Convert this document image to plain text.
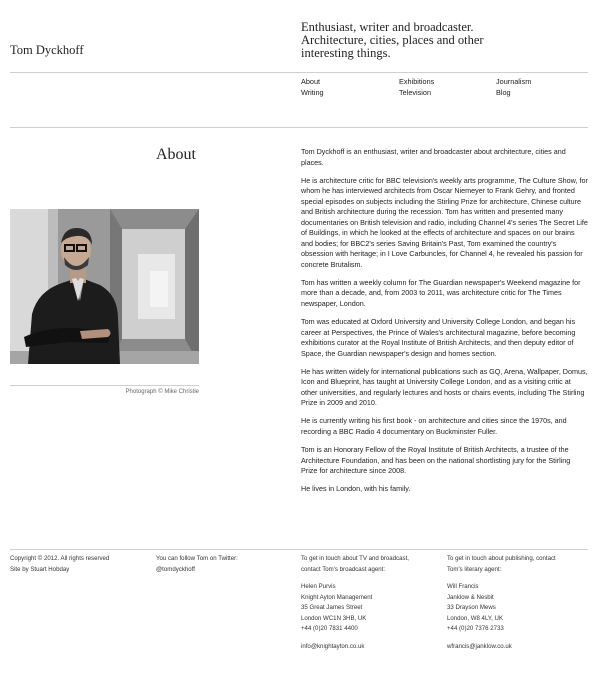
Tom Dyckhoff
Enthusiast, writer and broadcaster. Architecture, cities, places and other interesting things.
About	Exhibitions	Journalism
Writing	Television	Blog
About
Photograph © Mike Christie

Tom Dyckhoff is an enthusiast, writer and broadcaster about architecture, cities and places.

He is architecture critic for BBC television's weekly arts programme, The Culture Show, for whom he has interviewed architects from Oscar Niemeyer to Frank Gehry, and fronted special episodes on subjects including the Stirling Prize for architecture, Chinese culture and British architecture during the recession. Tom has written and presented many documentaries on British television and radio, including Channel 4's series The Secret Life of Buildings, in which he looked at the effects of architecture and spaces on our brains and bodies; for BBC2's series Saving Britain's Past, Tom examined the country's obsession with heritage; in I Love Carbuncles, for Channel 4, he revealed his passion for concrete Brutalism.

Tom has written a weekly column for The Guardian newspaper's Weekend magazine for more than a decade, and, from 2003 to 2011, was architecture critic for The Times newspaper, London.

Tom was educated at Oxford University and University College London, and began his career at Perspectives, the Prince of Wales's architectural magazine, before becoming exhibitions curator at the Royal Institute of British Architects, and then deputy editor of Space, the Guardian newspaper's design and homes section.

He has written widely for international publications such as GQ, Arena, Wallpaper, Domus, Icon and Blueprint, has taught at University College London, and as a visiting critic at other universities, and regularly lectures and hosts or chairs events, including The Stirling Prize in 2009 and 2010.

He is currently writing his first book - on architecture and cities since the 1970s, and recording a BBC Radio 4 documentary on Buckminster Fuller.

Tom is an Honorary Fellow of the Royal Institute of British Architects, a trustee of the Architecture Foundation, and has been on the national shortlisting jury for the Stirling Prize for architecture since 2008.

He lives in London, with his family.

Copyright © 2012. All rights reserved
Site by Stuart Hobday
You can follow Tom on Twitter:
@tomdyckhoff
To get in touch about TV and broadcast,
contact Tom's broadcast agent:
Helen Purvis
Knight Ayton Management
35 Great James Street
London WC1N 3HB, UK
+44 (0)20 7831 4400
info@knightayton.co.uk
To get in touch about publishing, contact
Tom's literary agent:
Will Francis
Janklow & Nesbit
33 Drayson Mews
London, W8 4LY, UK
+44 (0)20 7376 2733
wfrancis@janklow.co.uk
